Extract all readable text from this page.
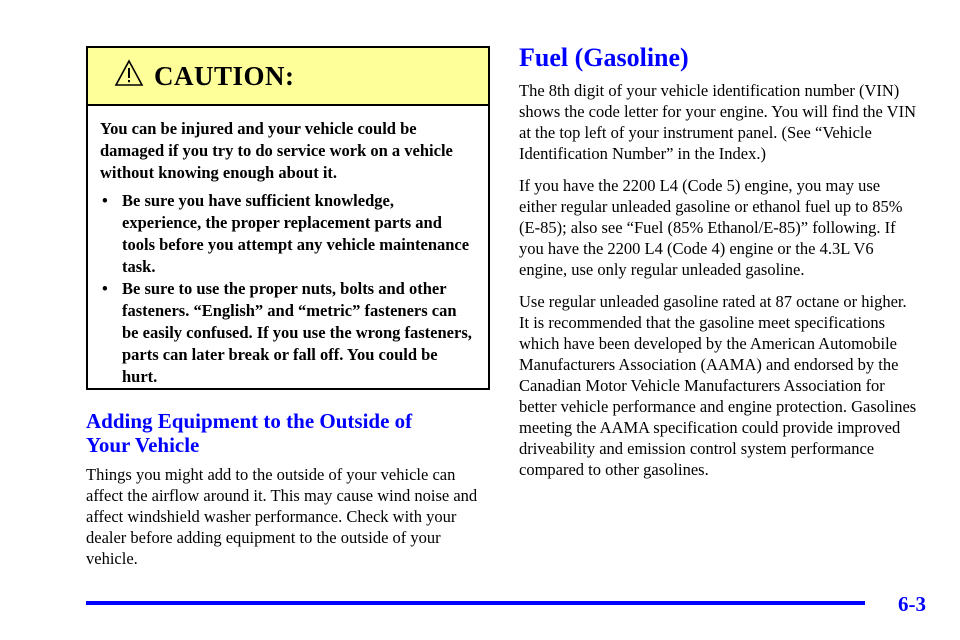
CAUTION:

You can be injured and your vehicle could be damaged if you try to do service work on a vehicle without knowing enough about it.

• Be sure you have sufficient knowledge, experience, the proper replacement parts and tools before you attempt any vehicle maintenance task.
• Be sure to use the proper nuts, bolts and other fasteners. “English” and “metric” fasteners can be easily confused. If you use the wrong fasteners, parts can later break or fall off. You could be hurt.
Adding Equipment to the Outside of
Your Vehicle

Things you might add to the outside of your vehicle can affect the airflow around it. This may cause wind noise and affect windshield washer performance. Check with your dealer before adding equipment to the outside of your vehicle.

Fuel (Gasoline)

The 8th digit of your vehicle identification number (VIN) shows the code letter for your engine. You will find the VIN at the top left of your instrument panel. (See “Vehicle Identification Number” in the Index.)

If you have the 2200 L4 (Code 5) engine, you may use either regular unleaded gasoline or ethanol fuel up to 85% (E-85); also see “Fuel (85% Ethanol/E-85)” following. If you have the 2200 L4 (Code 4) engine or the 4.3L V6 engine, use only regular unleaded gasoline.

Use regular unleaded gasoline rated at 87 octane or higher. It is recommended that the gasoline meet specifications which have been developed by the American Automobile Manufacturers Association (AAMA) and endorsed by the Canadian Motor Vehicle Manufacturers Association for better vehicle performance and engine protection. Gasolines meeting the AAMA specification could provide improved driveability and emission control system performance compared to other gasolines.

6-3
